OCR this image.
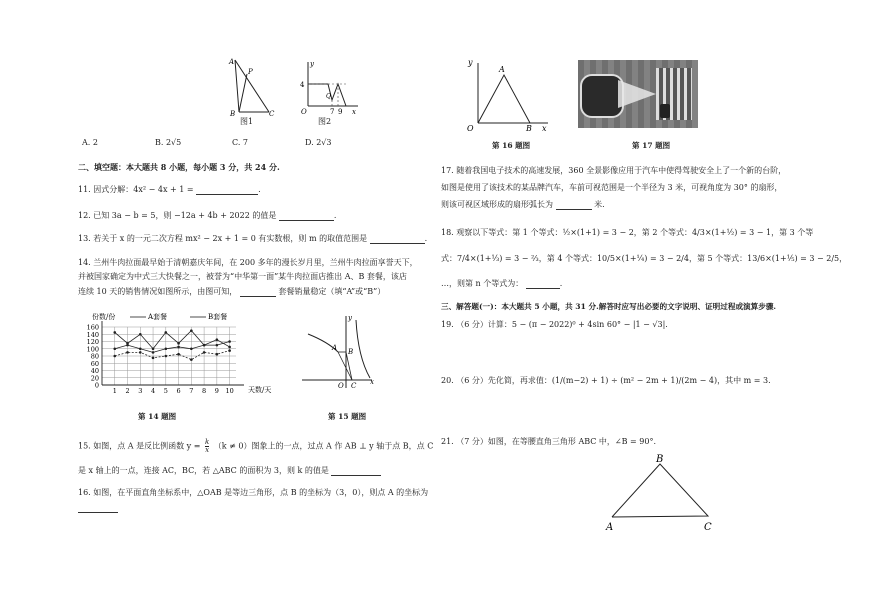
A
P
B	C
图1
y
4
Q
O	7 9 x
图2
A. 2	B. 2√5	C. 7	D. 2√3
二、填空题：本大题共 8 小题，每小题 3 分，共 24 分.
11. 因式分解：4x² − 4x + 1 =	.
12. 已知 3a − b = 5，则 −12a + 4b + 2022 的值是	.
13. 若关于 x 的一元二次方程 mx² − 2x + 1 = 0 有实数根，则 m 的取值范围是	.
14. 兰州牛肉拉面最早始于清朝嘉庆年间，在 200 多年的漫长岁月里，兰州牛肉拉面享誉天下，
并被国家确定为中式三大快餐之一，被誉为“中华第一面”某牛肉拉面店推出 A、B 套餐，该店
连续 10 天的销售情况如图所示，由图可知，	套餐销量稳定（填“A”或“B”）
0
20
40
60
80
100
120
140
160
1 2 3 4 5 6 7 8 9 10
份数/份	A套餐	B套餐
天数/天
第 14 题图
y
A B
O C x
第 15 题图
15. 如图，点 A 是反比例函数 $y = \frac{k}{x} (k \ne 0)$图象上的一点，过点 A 作 AB ⊥ y 轴于点 B，点 C
是 x 轴上的一点，连接 AC，BC，若 △ABC 的面积为 3，则 k 的值是
16. 如图，在平面直角坐标系中，△OAB 是等边三角形，点 B 的坐标为（3，0），则点 A 的坐标为
y
A
O	B x
第 16 题图	第 17 题图
17. 随着我国电子技术的高速发展，360 全景影像应用于汽车中使得驾驶安全上了一个新的台阶，
如图是使用了该技术的某品牌汽车，车前可视范围是一个半径为 3 米，可视角度为 30° 的扇形，
则该可视区域形成的扇形弧长为	米.
18. 观察以下等式：第 1 个等式：½×(1+1) = 3 − 2，第 2 个等式：4/3×(1+½) = 3 − 1，第 3 个等
式：7/4×(1+⅓) = 3 − ⅔，第 4 个等式：10/5×(1+¼) = 3 − 2/4，第 5 个等式：13/6×(1+⅕) = 3 − 2/5，
…，则第 n 个等式为：	.
三、解答题(一)：本大题共 5 小题，共 31 分.解答时应写出必要的文字说明、证明过程或演算步骤.
19. （6 分）计算：5 − (π − 2022)⁰ + 4sin 60° − |1 − √3|.
20. （6 分）先化简，再求值：(1/(m−2) + 1) ÷ (m² − 2m + 1)/(2m − 4)，其中 m = 3.
21. （7 分）如图，在等腰直角三角形 ABC 中，∠B = 90°.
B
A	C
